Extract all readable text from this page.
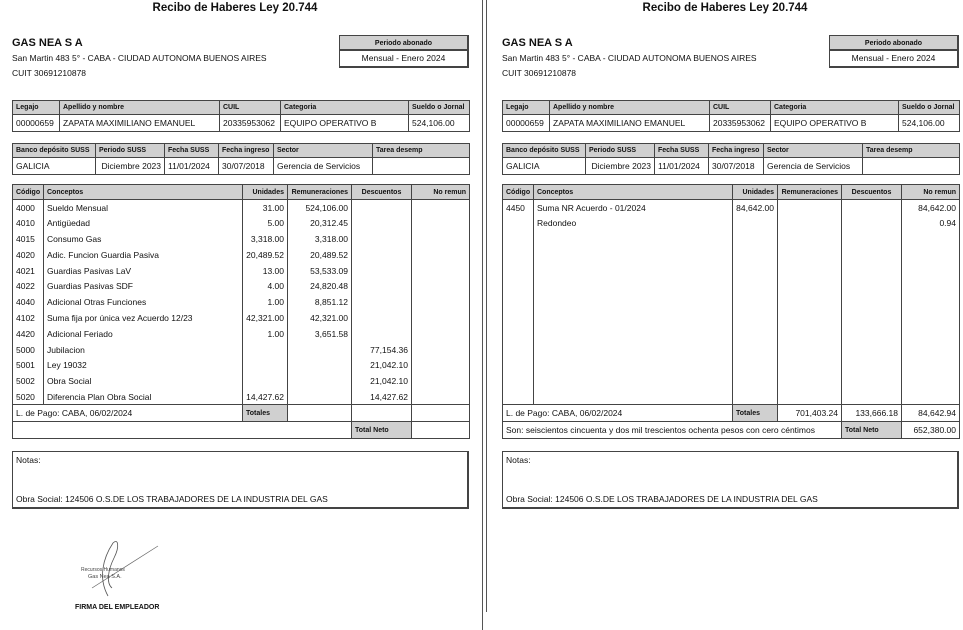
Recibo de Haberes Ley 20.744
GAS NEA S A
San Martin 483 5° - CABA - CIUDAD AUTONOMA BUENOS AIRES
CUIT 30691210878
Periodo abonado
Mensual - Enero 2024
Legajo	Apellido y nombre	CUIL	Categoria	Sueldo o Jornal
00000659	ZAPATA MAXIMILIANO EMANUEL	20335953062	EQUIPO OPERATIVO B	524,106.00
Banco depósito SUSS	Periodo SUSS	Fecha SUSS	Fecha ingreso	Sector	Tarea desemp
GALICIA	Diciembre 2023	11/01/2024	30/07/2018	Gerencia de Servicios	
Código	Conceptos	Unidades	Remuneraciones	Descuentos	No remun
4000	Sueldo Mensual	31.00	524,106.00		
4010	Antigüedad	5.00	20,312.45		
4015	Consumo Gas	3,318.00	3,318.00		
4020	Adic. Funcion Guardia Pasiva	20,489.52	20,489.52		
4021	Guardias Pasivas LaV	13.00	53,533.09		
4022	Guardias Pasivas SDF	4.00	24,820.48		
4040	Adicional Otras Funciones	1.00	8,851.12		
4102	Suma fija por única vez Acuerdo 12/23	42,321.00	42,321.00		
4420	Adicional Feriado	1.00	3,651.58		
5000	Jubilacion			77,154.36	
5001	Ley 19032			21,042.10	
5002	Obra Social			21,042.10	
5020	Diferencia Plan Obra Social	14,427.62		14,427.62	
L. de Pago: CABA, 06/02/2024		Totales			
				Total Neto	
Notas:
Obra Social: 124506 O.S.DE LOS TRABAJADORES DE LA INDUSTRIA DEL GAS
Recursos Humanos
Gas Nea S.A.
FIRMA DEL EMPLEADOR
Recibo de Haberes Ley 20.744
GAS NEA S A
San Martin 483 5° - CABA - CIUDAD AUTONOMA BUENOS AIRES
CUIT 30691210878
Periodo abonado
Mensual - Enero 2024
Legajo	Apellido y nombre	CUIL	Categoria	Sueldo o Jornal
00000659	ZAPATA MAXIMILIANO EMANUEL	20335953062	EQUIPO OPERATIVO B	524,106.00
Banco depósito SUSS	Periodo SUSS	Fecha SUSS	Fecha ingreso	Sector	Tarea desemp
GALICIA	Diciembre 2023	11/01/2024	30/07/2018	Gerencia de Servicios	
Código	Conceptos	Unidades	Remuneraciones	Descuentos	No remun
4450	Suma NR Acuerdo - 01/2024	84,642.00			84,642.00
	Redondeo				0.94

L. de Pago: CABA, 06/02/2024		Totales	701,403.24	133,666.18	84,642.94
Son: seiscientos cincuenta y dos mil trescientos ochenta pesos con cero céntimos				Total Neto	652,380.00
Notas:
Obra Social: 124506 O.S.DE LOS TRABAJADORES DE LA INDUSTRIA DEL GAS
